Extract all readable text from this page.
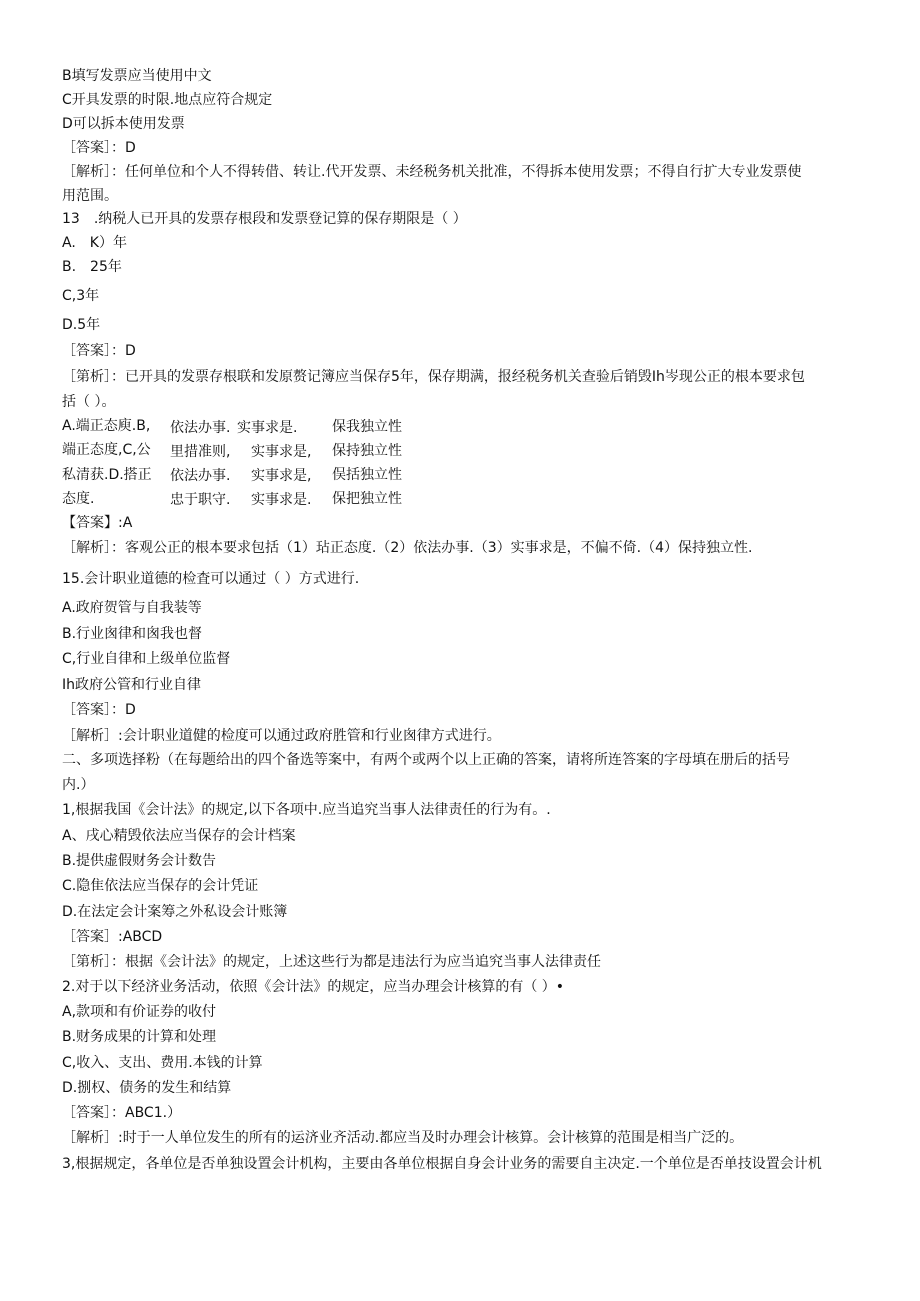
B填写发票应当使用中文
C开具发票的时限.地点应符合规定
D可以拆本使用发票
［答案］：D
［解析］：任何单位和个人不得转借、转让.代开发票、未经税务机关批准，不得拆本使用发票；不得自行扩大专业发票使
用范围。
13　.纳税人已开具的发票存根段和发票登记算的保存期限是（ ）
A.　K）年
B.　25年
C,3年
D.5年
［答案］：D
［第析］：已开具的发票存根联和发原赘记簿应当保存5年，保存期满，报经税务机关查验后销毁Ih岑现公正的根本要求包
括（ ）。
A.端正态庾.B,
端正态度,C,公
私清获.D.搭正
态度.
依法办事.
里措准则,
依法办事.
忠于职守.
实事求是.
实事求是,
实事求是,
实事求是.
保我独立性
保持独立性
俣括独立性
保把独立性
【答案】:A
［解析］：客观公正的根本要求包括（1）玷正态度.（2）依法办事.（3）实事求是，不偏不倚.（4）保持独立性.
15.会计职业道德的检査可以通过（ ）方式进行.
A.政府贺管与自我装等
B.行业囪律和囪我也督
C,行业自律和上级单位监督
Ih政府公管和行业自律
［答案］：D
［解析］:会计职业道健的检度可以通过政府胜管和行业囪律方式进行。
二、多项选择粉（在每题给出的四个备选等案中，有两个或两个以上正确的答案，请将所连答案的字母填在册后的括号
内.）
1,根据我国《会计法》的规定,以下各项中.应当追究当事人法律责任的行为有。.
A、戌心精毁依法应当保存的会计档案
B.提供虚假财务会计数告
C.隐隹依法应当保存的会计凭证
D.在法定会计案筹之外私设会计账簿
［答案］:ABCD
［第析］：根据《会计法》的规定，上述这些行为都是违法行为应当追究当事人法律责任
2.对于以下经济业务活动，依照《会计法》的规定，应当办理会计核算的有（ ）•
A,款项和有价证券的收付
B.财务成果的计算和处理
C,收入、支出、费用.本钱的计算
D.捌权、债务的发生和结算
［答案］：ABC1.）
［解析］:时于一人单位发生的所有的运济业齐活动.都应当及时办理会计核算。会计核算的范围是相当广泛的。
3,根据规定，各单位是否单独设置会计机构，主要由各单位根据自身会计业务的需要自主决定.一个单位是否单技设置会计机
